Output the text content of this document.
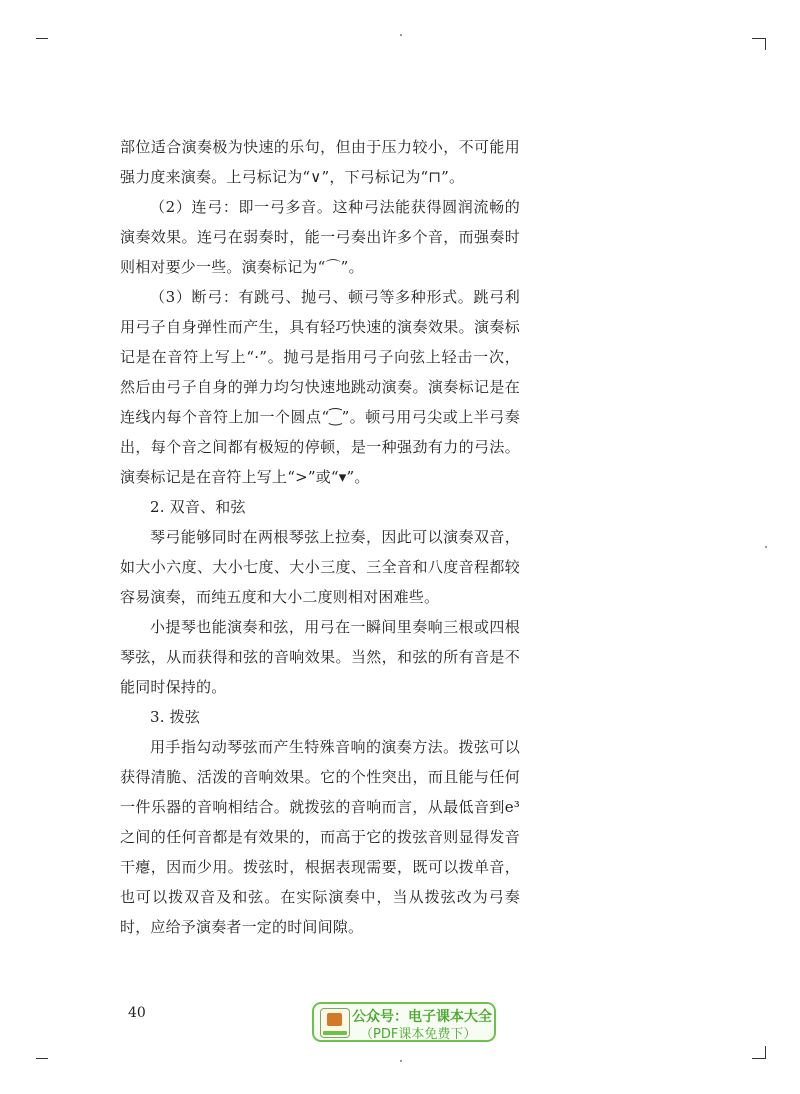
部位适合演奏极为快速的乐句，但由于压力较小，不可能用强力度来演奏。上弓标记为“∨”，下弓标记为“⊓”。

（2）连弓：即一弓多音。这种弓法能获得圆润流畅的演奏效果。连弓在弱奏时，能一弓奏出许多个音，而强奏时则相对要少一些。演奏标记为“⌒”。

（3）断弓：有跳弓、抛弓、顿弓等多种形式。跳弓利用弓子自身弹性而产生，具有轻巧快速的演奏效果。演奏标记是在音符上写上“·”。抛弓是指用弓子向弦上轻击一次，然后由弓子自身的弹力均匀快速地跳动演奏。演奏标记是在连线内每个音符上加一个圆点“⁐”。顿弓用弓尖或上半弓奏出，每个音之间都有极短的停顿，是一种强劲有力的弓法。演奏标记是在音符上写上“>”或“▾”。

2. 双音、和弦

琴弓能够同时在两根琴弦上拉奏，因此可以演奏双音，如大小六度、大小七度、大小三度、三全音和八度音程都较容易演奏，而纯五度和大小二度则相对困难些。

小提琴也能演奏和弦，用弓在一瞬间里奏响三根或四根琴弦，从而获得和弦的音响效果。当然，和弦的所有音是不能同时保持的。

3. 拨弦

用手指勾动琴弦而产生特殊音响的演奏方法。拨弦可以获得清脆、活泼的音响效果。它的个性突出，而且能与任何一件乐器的音响相结合。就拨弦的音响而言，从最低音到e³之间的任何音都是有效果的，而高于它的拨弦音则显得发音干瘪，因而少用。拨弦时，根据表现需要，既可以拨单音，也可以拨双音及和弦。在实际演奏中，当从拨弦改为弓奏时，应给予演奏者一定的时间间隙。

40	公众号：电子课本大全
（PDF课本免费下）
